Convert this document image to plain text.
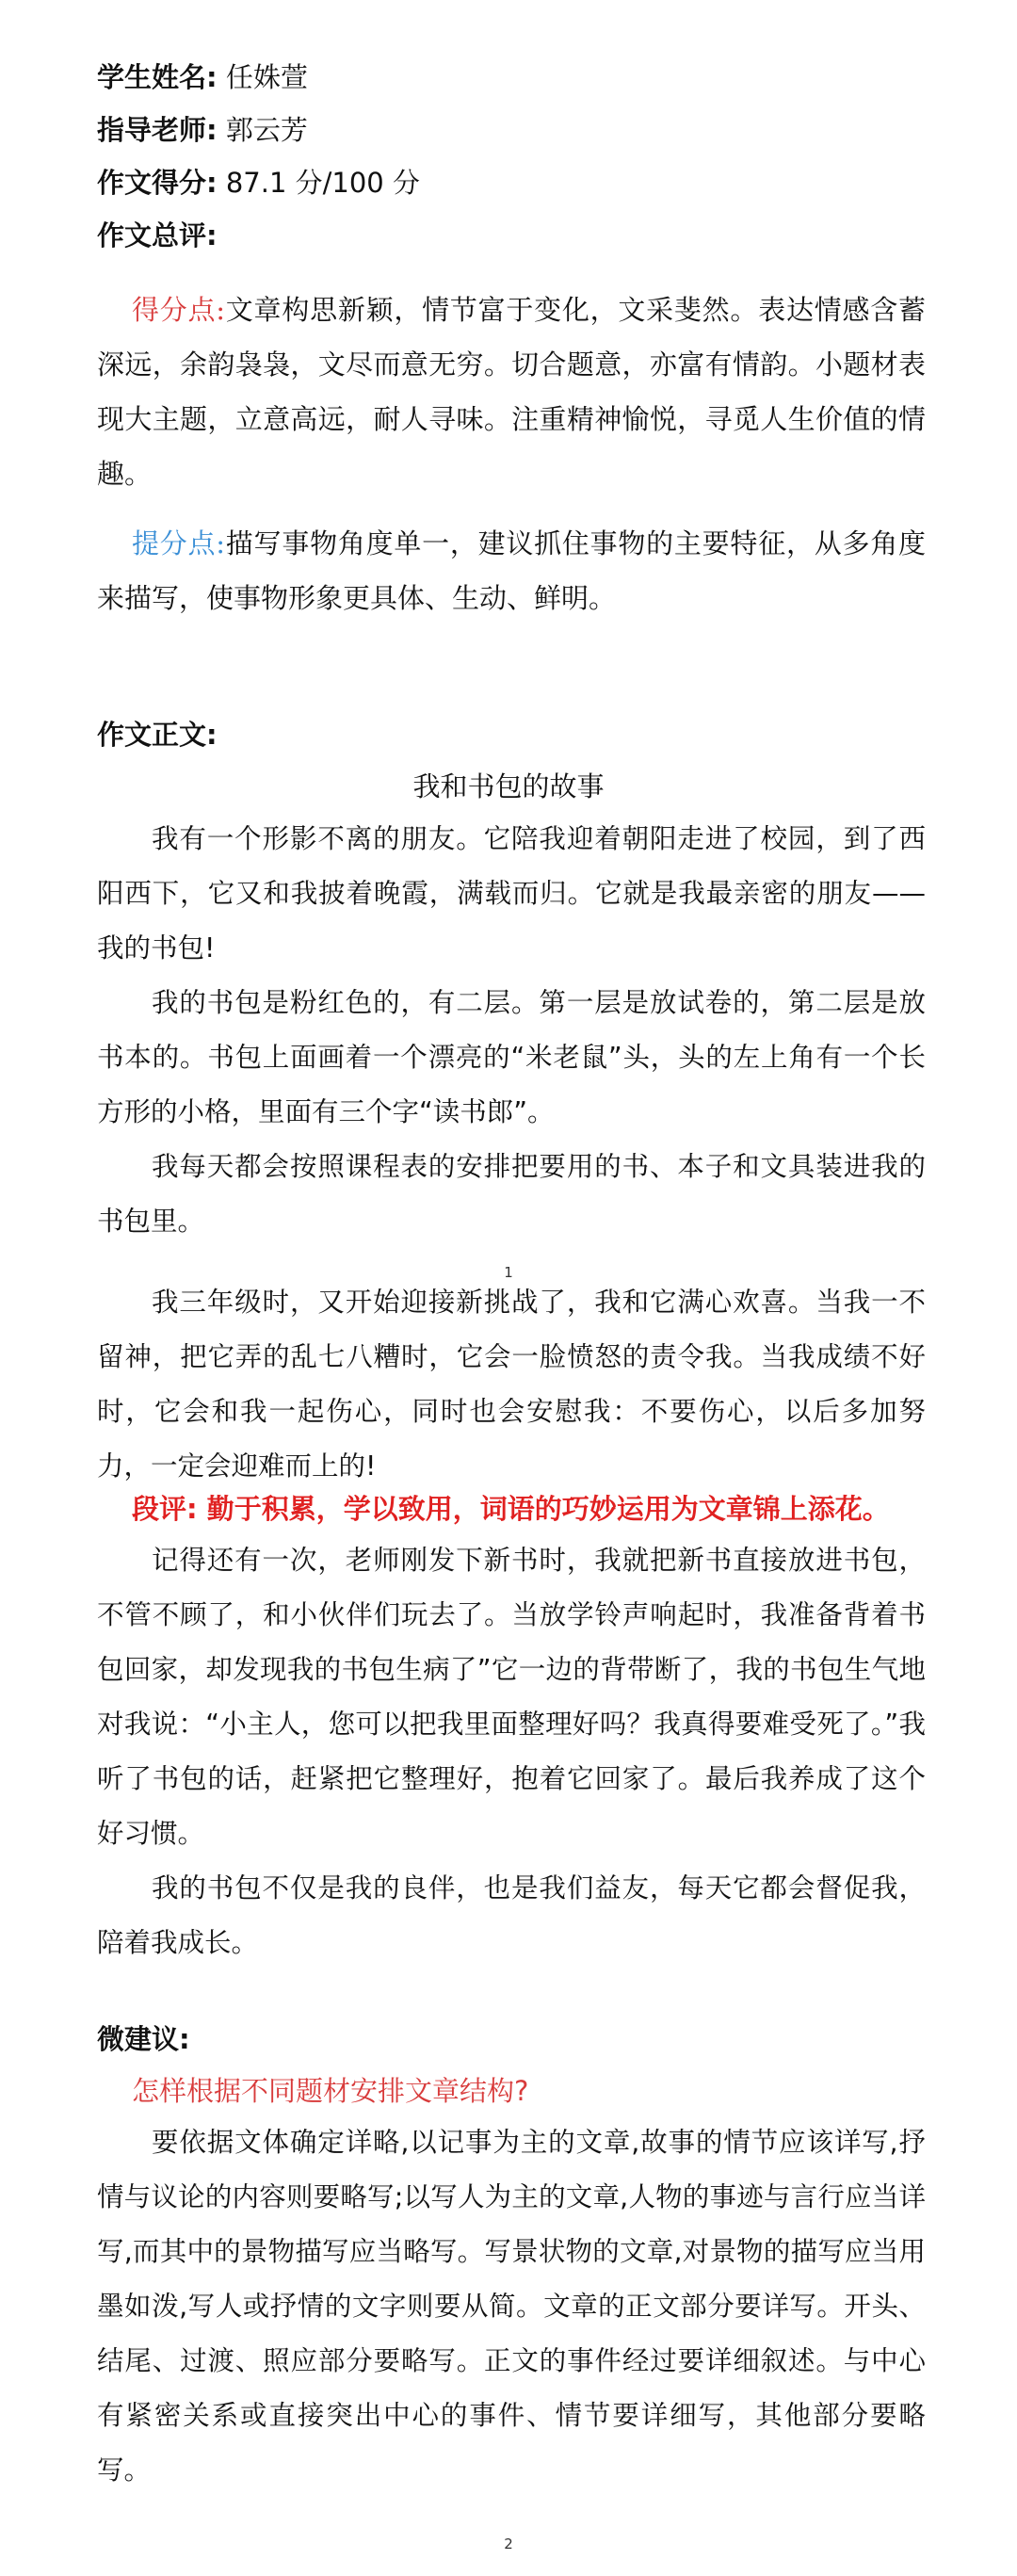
学生姓名: 任姝萱
指导老师: 郭云芳
作文得分: 87.1 分/100 分
作文总评:
得分点:文章构思新颖，情节富于变化，文采斐然。表达情感含蓄深远，余韵袅袅，文尽而意无穷。切合题意，亦富有情韵。小题材表现大主题，立意高远，耐人寻味。注重精神愉悦，寻觅人生价值的情趣。
提分点:描写事物角度单一，建议抓住事物的主要特征，从多角度来描写，使事物形象更具体、生动、鲜明。
作文正文:
我和书包的故事
我有一个形影不离的朋友。它陪我迎着朝阳走进了校园，到了西阳西下，它又和我披着晚霞，满载而归。它就是我最亲密的朋友——我的书包!
我的书包是粉红色的，有二层。第一层是放试卷的，第二层是放书本的。书包上面画着一个漂亮的“米老鼠”头，头的左上角有一个长方形的小格，里面有三个字“读书郎”。
我每天都会按照课程表的安排把要用的书、本子和文具装进我的书包里。
1
我三年级时，又开始迎接新挑战了，我和它满心欢喜。当我一不留神，把它弄的乱七八糟时，它会一脸愤怒的责令我。当我成绩不好时，它会和我一起伤心，同时也会安慰我：不要伤心，以后多加努力，一定会迎难而上的!
段评: 勤于积累，学以致用，词语的巧妙运用为文章锦上添花。
记得还有一次，老师刚发下新书时，我就把新书直接放进书包，不管不顾了，和小伙伴们玩去了。当放学铃声响起时，我准备背着书包回家，却发现我的书包生病了”它一边的背带断了，我的书包生气地对我说：“小主人，您可以把我里面整理好吗？我真得要难受死了。”我听了书包的话，赶紧把它整理好，抱着它回家了。最后我养成了这个好习惯。
我的书包不仅是我的良伴，也是我们益友，每天它都会督促我，陪着我成长。
微建议:
怎样根据不同题材安排文章结构?
要依据文体确定详略,以记事为主的文章,故事的情节应该详写,抒情与议论的内容则要略写;以写人为主的文章,人物的事迹与言行应当详写,而其中的景物描写应当略写。写景状物的文章,对景物的描写应当用墨如泼,写人或抒情的文字则要从简。文章的正文部分要详写。开头、结尾、过渡、照应部分要略写。正文的事件经过要详细叙述。与中心有紧密关系或直接突出中心的事件、情节要详细写，其他部分要略写。
2
